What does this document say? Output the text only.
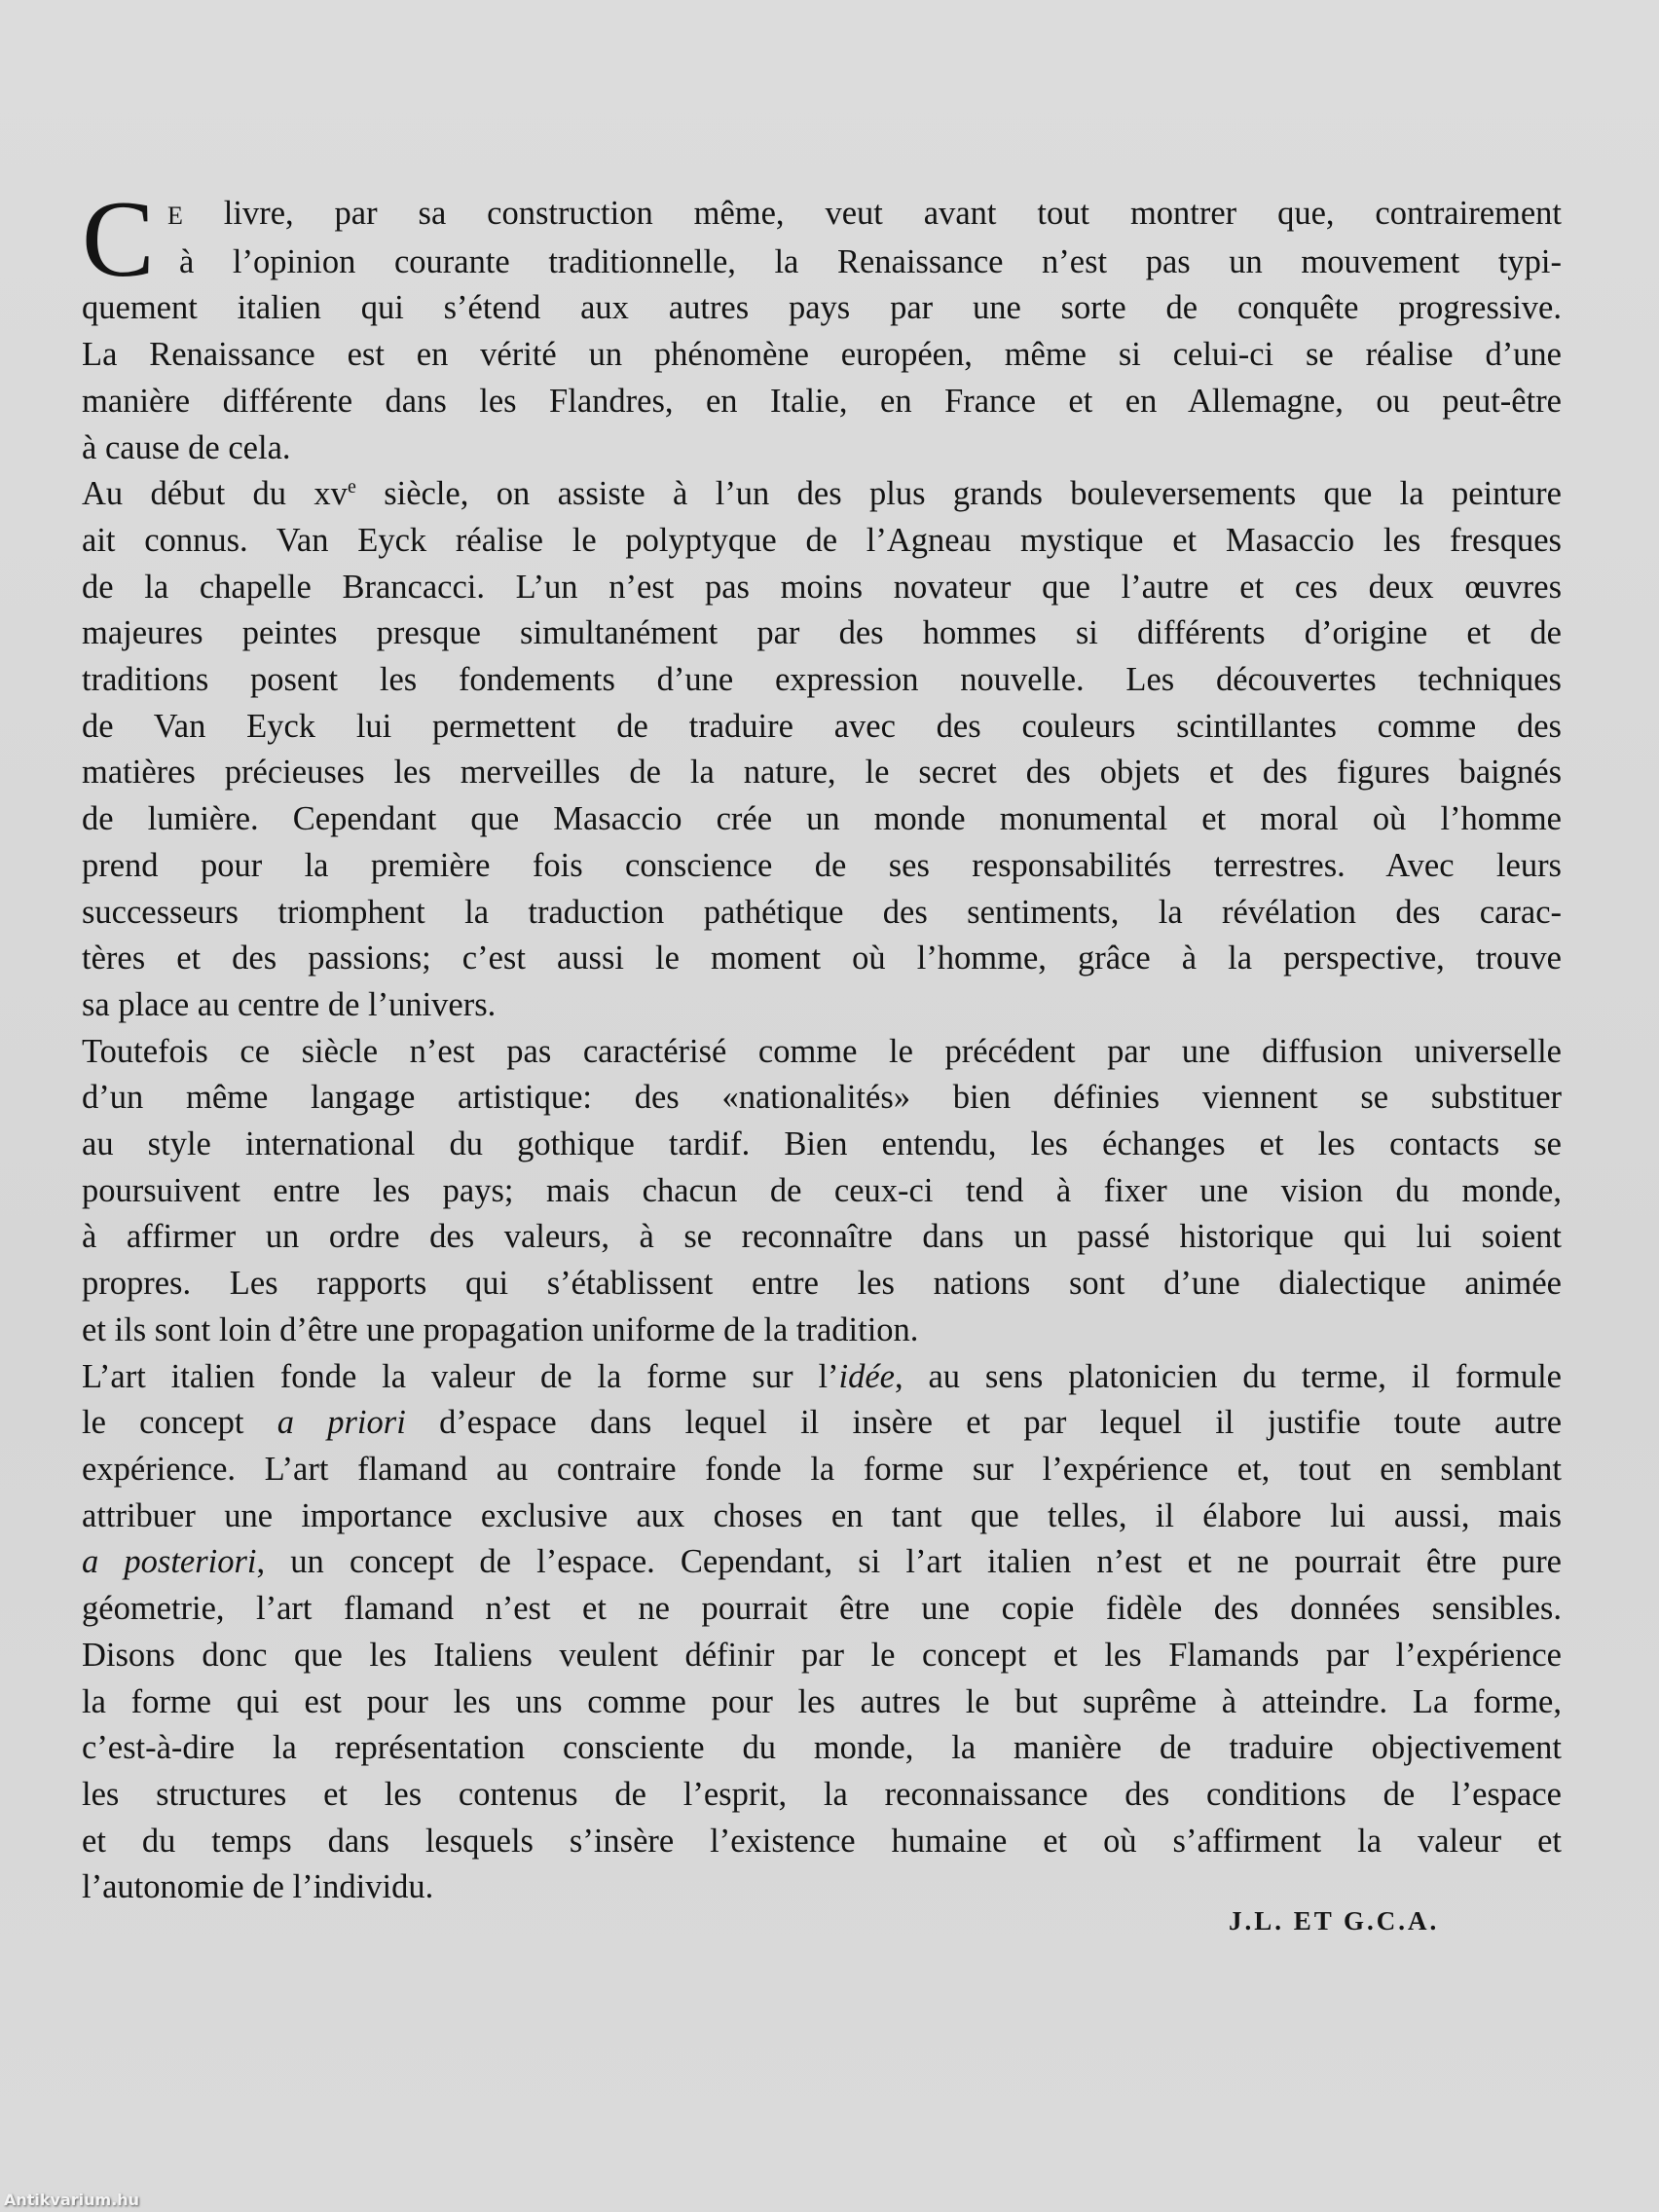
C E livre, par sa construction même, veut avant tout montrer que, contrairement
à l’opinion courante traditionnelle, la Renaissance n’est pas un mouvement typi-
quement italien qui s’étend aux autres pays par une sorte de conquête progressive.
La Renaissance est en vérité un phénomène européen, même si celui-ci se réalise d’une
manière différente dans les Flandres, en Italie, en France et en Allemagne, ou peut-être
à cause de cela.
Au début du $xv^e$ siècle, on assiste à l’un des plus grands bouleversements que la peinture
ait connus. Van Eyck réalise le polyptyque de l’Agneau mystique et Masaccio les fresques
de la chapelle Brancacci. L’un n’est pas moins novateur que l’autre et ces deux œuvres
majeures peintes presque simultanément par des hommes si différents d’origine et de
traditions posent les fondements d’une expression nouvelle. Les découvertes techniques
de Van Eyck lui permettent de traduire avec des couleurs scintillantes comme des
matières précieuses les merveilles de la nature, le secret des objets et des figures baignés
de lumière. Cependant que Masaccio crée un monde monumental et moral où l’homme
prend pour la première fois conscience de ses responsabilités terrestres. Avec leurs
successeurs triomphent la traduction pathétique des sentiments, la révélation des carac-
tères et des passions; c’est aussi le moment où l’homme, grâce à la perspective, trouve
sa place au centre de l’univers.
Toutefois ce siècle n’est pas caractérisé comme le précédent par une diffusion universelle
d’un même langage artistique: des «nationalités» bien définies viennent se substituer
au style international du gothique tardif. Bien entendu, les échanges et les contacts se
poursuivent entre les pays; mais chacun de ceux-ci tend à fixer une vision du monde,
à affirmer un ordre des valeurs, à se reconnaître dans un passé historique qui lui soient
propres. Les rapports qui s’établissent entre les nations sont d’une dialectique animée
et ils sont loin d’être une propagation uniforme de la tradition.
L’art italien fonde la valeur de la forme sur l’idée, au sens platonicien du terme, il formule
le concept a priori d’espace dans lequel il insère et par lequel il justifie toute autre
expérience. L’art flamand au contraire fonde la forme sur l’expérience et, tout en semblant
attribuer une importance exclusive aux choses en tant que telles, il élabore lui aussi, mais
a posteriori, un concept de l’espace. Cependant, si l’art italien n’est et ne pourrait être pure
géometrie, l’art flamand n’est et ne pourrait être une copie fidèle des données sensibles.
Disons donc que les Italiens veulent définir par le concept et les Flamands par l’expérience
la forme qui est pour les uns comme pour les autres le but suprême à atteindre. La forme,
c’est-à-dire la représentation consciente du monde, la manière de traduire objectivement
les structures et les contenus de l’esprit, la reconnaissance des conditions de l’espace
et du temps dans lesquels s’insère l’existence humaine et où s’affirment la valeur et
l’autonomie de l’individu.
J.L. ET G.C.A.
Antikvarium.hu
